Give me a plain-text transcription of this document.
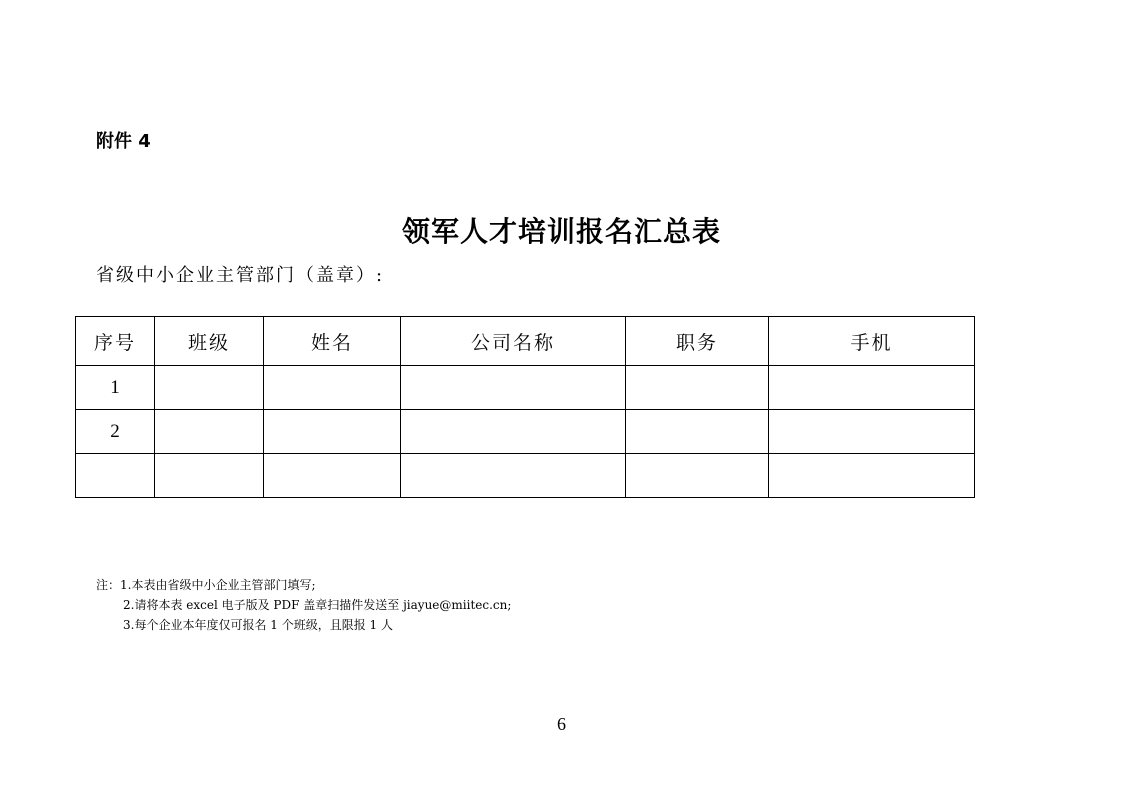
附件 4
领军人才培训报名汇总表
省级中小企业主管部门（盖章）:
序号	班级	姓名	公司名称	职务	手机
1					
2					

注：1.本表由省级中小企业主管部门填写;
2.请将本表 excel 电子版及 PDF 盖章扫描件发送至 jiayue@miitec.cn;
3.每个企业本年度仅可报名 1 个班级，且限报 1 人
6
